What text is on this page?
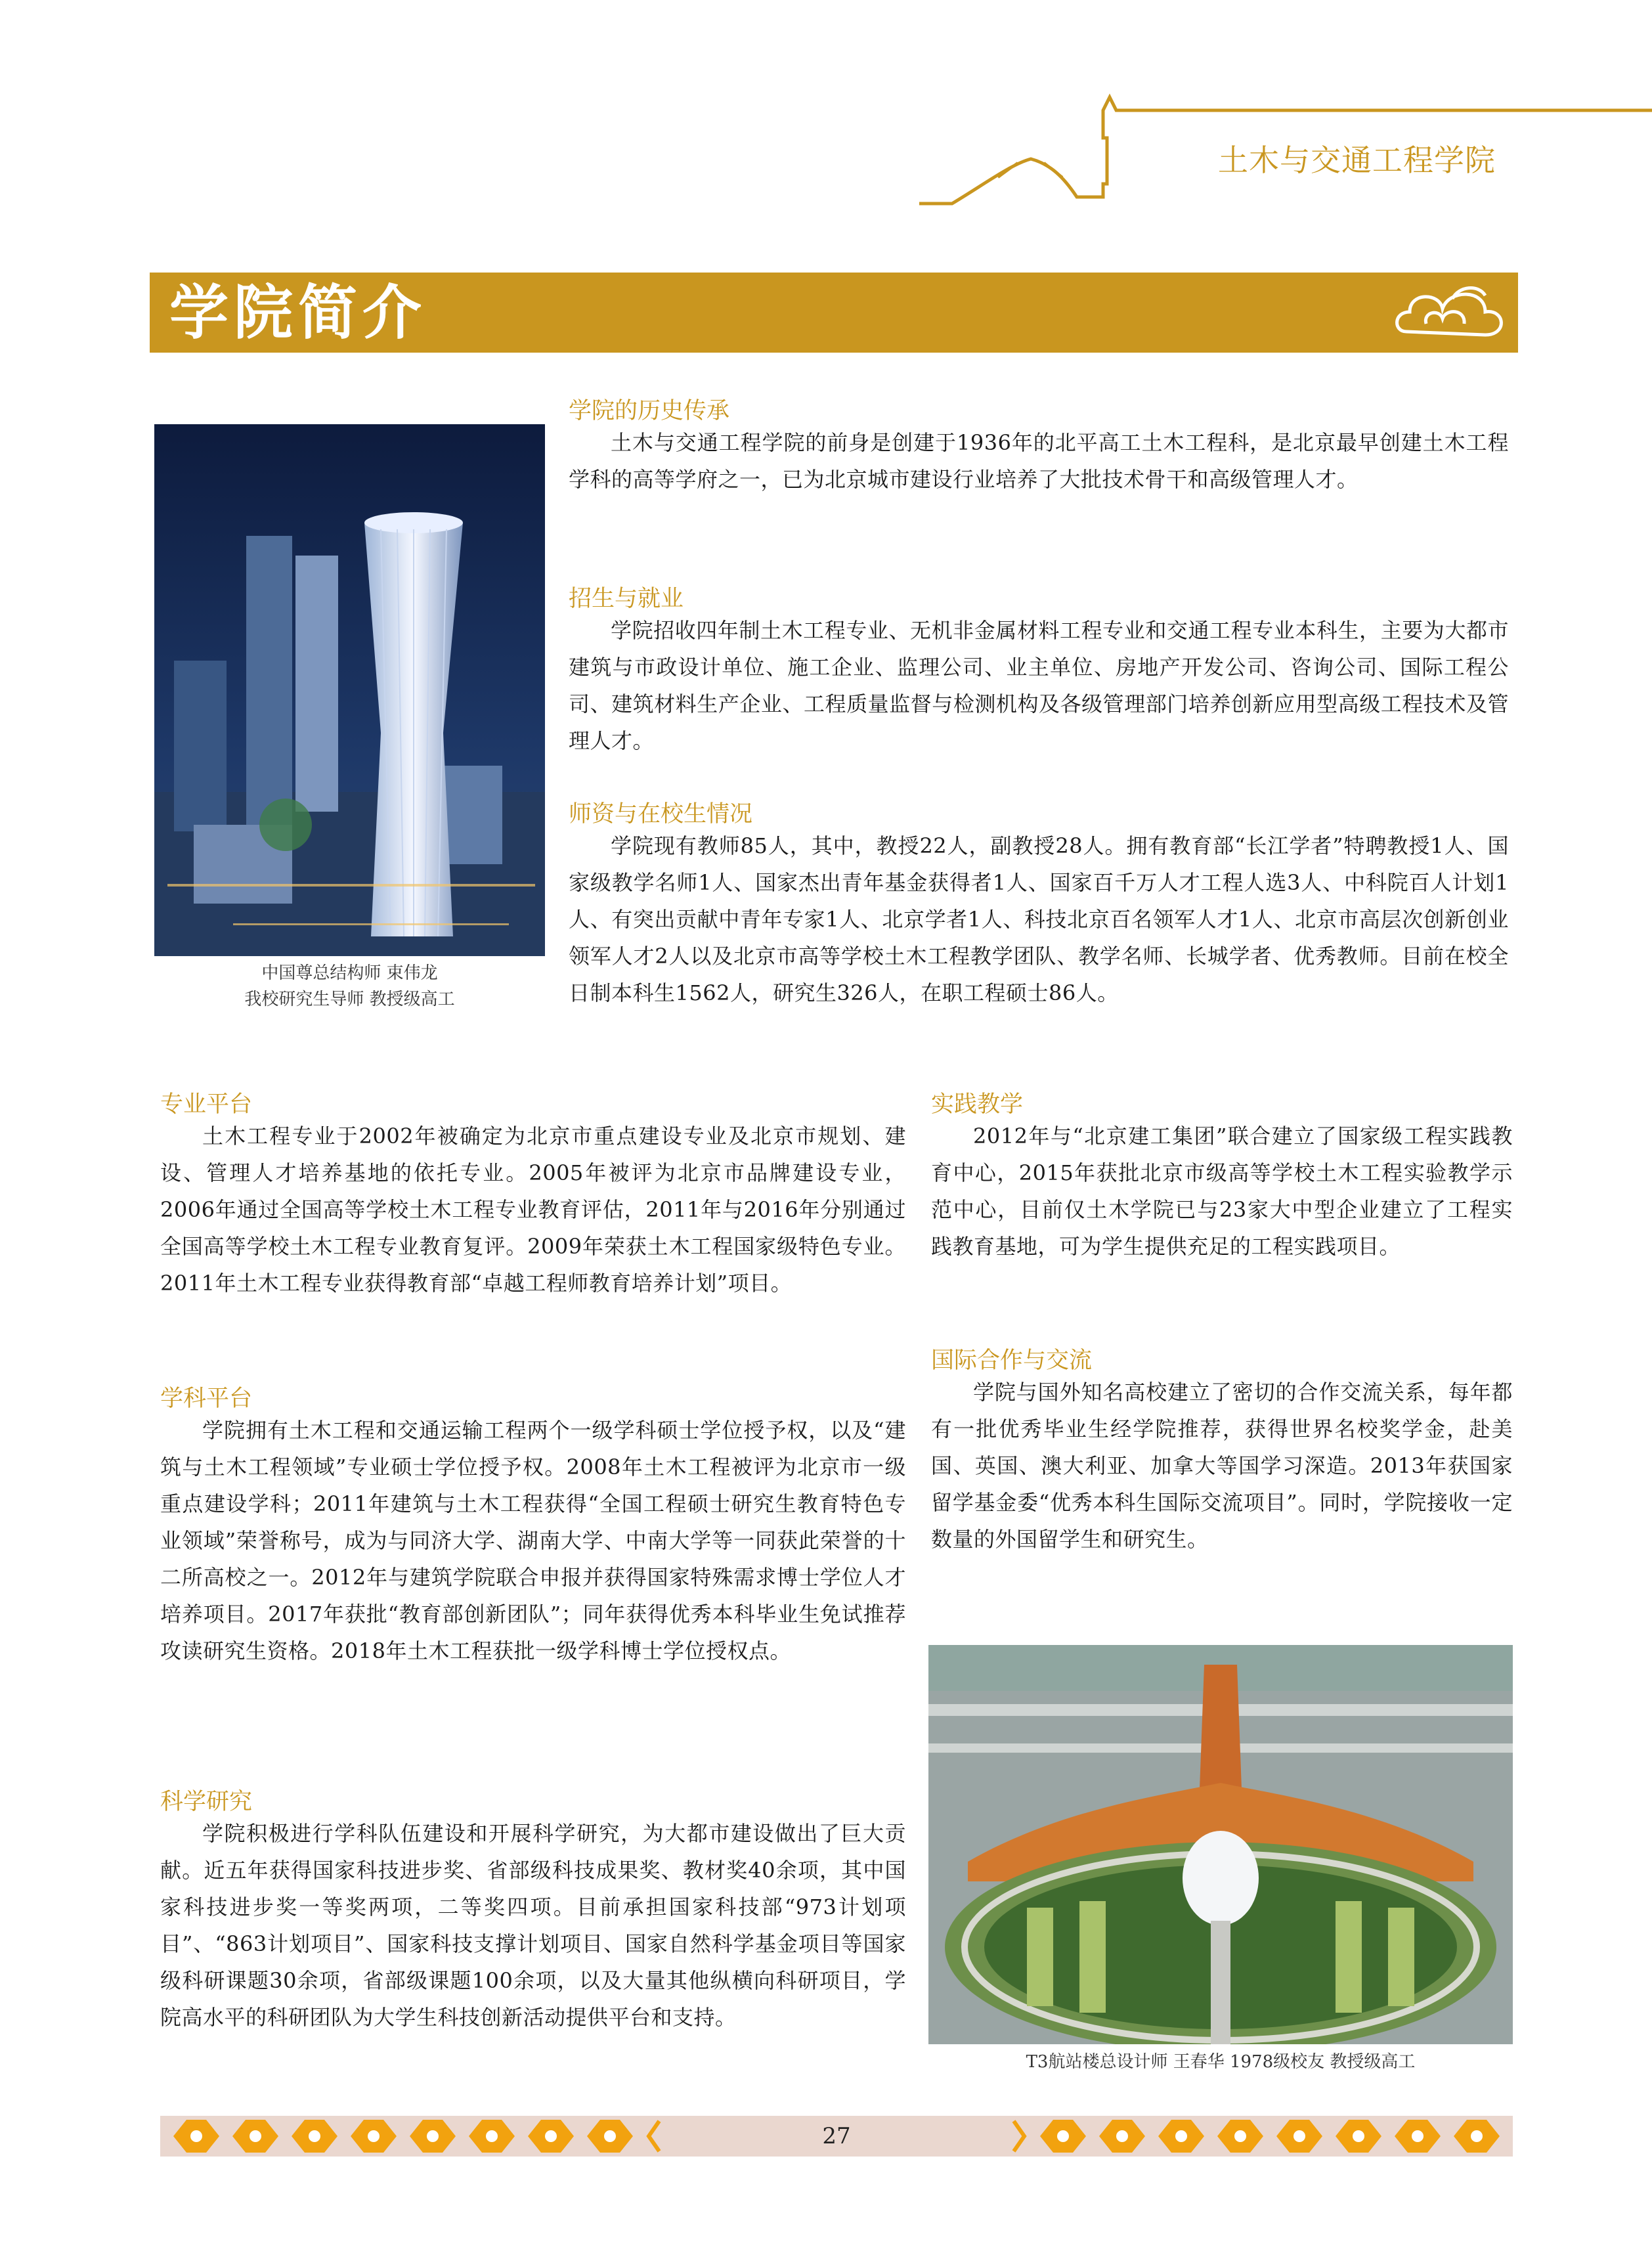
土木与交通工程学院
学院简介
中国尊总结构师 束伟龙
我校研究生导师 教授级高工
学院的历史传承

土木与交通工程学院的前身是创建于1936年的北平高工土木工程科，是北京最早创建土木工程学科的高等学府之一，已为北京城市建设行业培养了大批技术骨干和高级管理人才。

招生与就业

学院招收四年制土木工程专业、无机非金属材料工程专业和交通工程专业本科生，主要为大都市建筑与市政设计单位、施工企业、监理公司、业主单位、房地产开发公司、咨询公司、国际工程公司、建筑材料生产企业、工程质量监督与检测机构及各级管理部门培养创新应用型高级工程技术及管理人才。

师资与在校生情况

学院现有教师85人，其中，教授22人，副教授28人。拥有教育部“长江学者”特聘教授1人、国家级教学名师1人、国家杰出青年基金获得者1人、国家百千万人才工程人选3人、中科院百人计划1人、有突出贡献中青年专家1人、北京学者1人、科技北京百名领军人才1人、北京市高层次创新创业领军人才2人以及北京市高等学校土木工程教学团队、教学名师、长城学者、优秀教师。目前在校全日制本科生1562人，研究生326人，在职工程硕士86人。

专业平台

土木工程专业于2002年被确定为北京市重点建设专业及北京市规划、建设、管理人才培养基地的依托专业。2005年被评为北京市品牌建设专业，2006年通过全国高等学校土木工程专业教育评估，2011年与2016年分别通过全国高等学校土木工程专业教育复评。2009年荣获土木工程国家级特色专业。2011年土木工程专业获得教育部“卓越工程师教育培养计划”项目。

学科平台

学院拥有土木工程和交通运输工程两个一级学科硕士学位授予权，以及“建筑与土木工程领域”专业硕士学位授予权。2008年土木工程被评为北京市一级重点建设学科；2011年建筑与土木工程获得“全国工程硕士研究生教育特色专业领域”荣誉称号，成为与同济大学、湖南大学、中南大学等一同获此荣誉的十二所高校之一。2012年与建筑学院联合申报并获得国家特殊需求博士学位人才培养项目。2017年获批“教育部创新团队”；同年获得优秀本科毕业生免试推荐攻读研究生资格。2018年土木工程获批一级学科博士学位授权点。

科学研究

学院积极进行学科队伍建设和开展科学研究，为大都市建设做出了巨大贡献。近五年获得国家科技进步奖、省部级科技成果奖、教材奖40余项，其中国家科技进步奖一等奖两项，二等奖四项。目前承担国家科技部“973计划项目”、“863计划项目”、国家科技支撑计划项目、国家自然科学基金项目等国家级科研课题30余项，省部级课题100余项，以及大量其他纵横向科研项目，学院高水平的科研团队为大学生科技创新活动提供平台和支持。

实践教学

2012年与“北京建工集团”联合建立了国家级工程实践教育中心，2015年获批北京市级高等学校土木工程实验教学示范中心，目前仅土木学院已与23家大中型企业建立了工程实践教育基地，可为学生提供充足的工程实践项目。

国际合作与交流

学院与国外知名高校建立了密切的合作交流关系，每年都有一批优秀毕业生经学院推荐，获得世界名校奖学金，赴美国、英国、澳大利亚、加拿大等国学习深造。2013年获国家留学基金委“优秀本科生国际交流项目”。同时，学院接收一定数量的外国留学生和研究生。

T3航站楼总设计师 王春华 1978级校友 教授级高工
27
